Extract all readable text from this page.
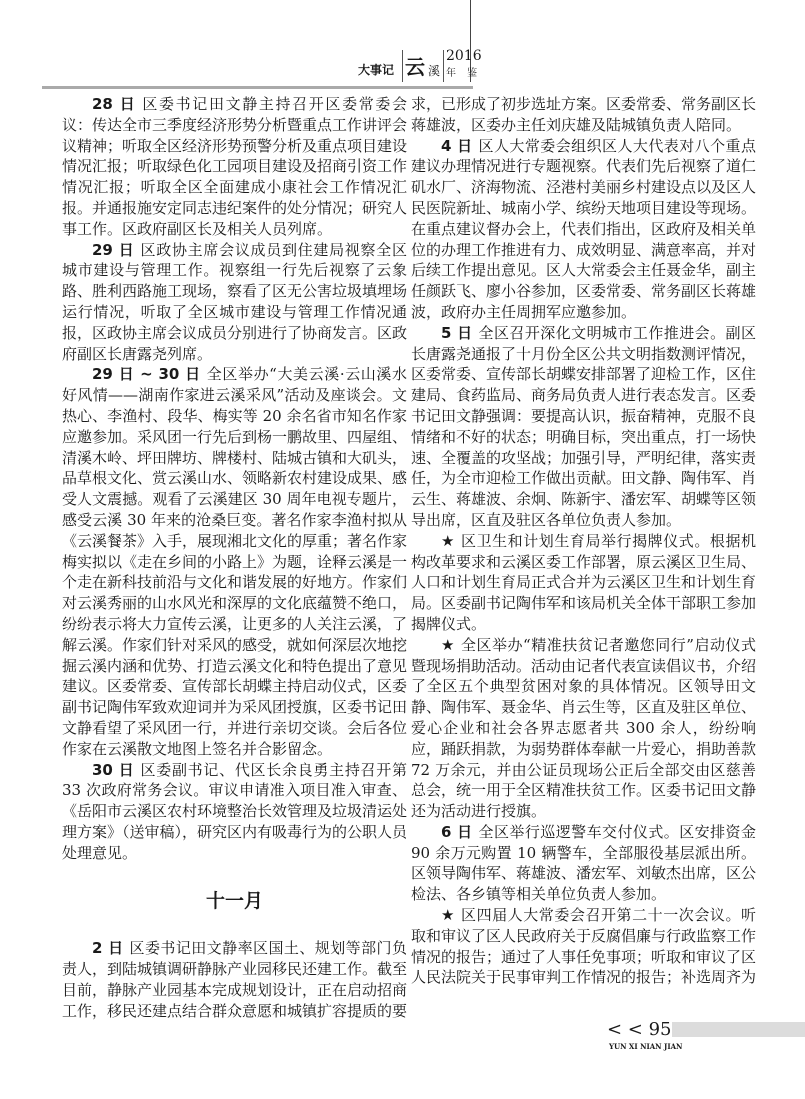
大事记 云 溪
2016
年 鉴

28 日 区委书记田文静主持召开区委常委会议：传达全市三季度经济形势分析暨重点工作讲评会议精神；听取全区经济形势预警分析及重点项目建设情况汇报；听取绿色化工园项目建设及招商引资工作情况汇报；听取全区全面建成小康社会工作情况汇报。并通报施安定同志违纪案件的处分情况；研究人事工作。区政府副区长及相关人员列席。

29 日 区政协主席会议成员到住建局视察全区城市建设与管理工作。视察组一行先后视察了云象路、胜利西路施工现场，察看了区无公害垃圾填埋场运行情况，听取了全区城市建设与管理工作情况通报，区政协主席会议成员分别进行了协商发言。区政府副区长唐露尧列席。

29 日 ~ 30 日 全区举办“大美云溪·云山溪水好风情——湖南作家进云溪采风”活动及座谈会。文热心、李渔村、段华、梅实等 20 余名省市知名作家应邀参加。采风团一行先后到杨一鹏故里、四屋组、清溪木岭、坪田牌坊、牌楼村、陆城古镇和大矶头，品草根文化、赏云溪山水、领略新农村建设成果、感受人文震撼。观看了云溪建区 30 周年电视专题片，感受云溪 30 年来的沧桑巨变。著名作家李渔村拟从《云溪餐茶》入手，展现湘北文化的厚重；著名作家梅实拟以《走在乡间的小路上》为题，诠释云溪是一个走在新科技前沿与文化和谐发展的好地方。作家们对云溪秀丽的山水风光和深厚的文化底蕴赞不绝口，纷纷表示将大力宣传云溪，让更多的人关注云溪，了解云溪。作家们针对采风的感受，就如何深层次地挖掘云溪内涵和优势、打造云溪文化和特色提出了意见建议。区委常委、宣传部长胡蝶主持启动仪式，区委副书记陶伟军致欢迎词并为采风团授旗，区委书记田文静看望了采风团一行，并进行亲切交谈。会后各位作家在云溪散文地图上签名并合影留念。

30 日 区委副书记、代区长余良勇主持召开第 33 次政府常务会议。审议申请准入项目准入审查、《岳阳市云溪区农村环境整治长效管理及垃圾清运处理方案》（送审稿），研究区内有吸毒行为的公职人员处理意见。

十一月

2 日 区委书记田文静率区国土、规划等部门负责人，到陆城镇调研静脉产业园移民还建工作。截至目前，静脉产业园基本完成规划设计，正在启动招商工作，移民还建点结合群众意愿和城镇扩容提质的要

求，已形成了初步选址方案。区委常委、常务副区长蒋雄波，区委办主任刘庆雄及陆城镇负责人陪同。

4 日 区人大常委会组织区人大代表对八个重点建议办理情况进行专题视察。代表们先后视察了道仁矶水厂、济海物流、泾港村美丽乡村建设点以及区人民医院新址、城南小学、缤纷天地项目建设等现场。在重点建议督办会上，代表们指出，区政府及相关单位的办理工作推进有力、成效明显、满意率高，并对后续工作提出意见。区人大常委会主任聂金华，副主任颜跃飞、廖小谷参加，区委常委、常务副区长蒋雄波，政府办主任周拥军应邀参加。

5 日 全区召开深化文明城市工作推进会。副区长唐露尧通报了十月份全区公共文明指数测评情况，区委常委、宣传部长胡蝶安排部署了迎检工作，区住建局、食药监局、商务局负责人进行表态发言。区委书记田文静强调：要提高认识，振奋精神，克服不良情绪和不好的状态；明确目标，突出重点，打一场快速、全覆盖的攻坚战；加强引导，严明纪律，落实责任，为全市迎检工作做出贡献。田文静、陶伟军、肖云生、蒋雄波、余炯、陈新宇、潘宏军、胡蝶等区领导出席，区直及驻区各单位负责人参加。

★ 区卫生和计划生育局举行揭牌仪式。根据机构改革要求和云溪区委工作部署，原云溪区卫生局、人口和计划生育局正式合并为云溪区卫生和计划生育局。区委副书记陶伟军和该局机关全体干部职工参加揭牌仪式。

★ 全区举办“精准扶贫记者邀您同行”启动仪式暨现场捐助活动。活动由记者代表宣读倡议书，介绍了全区五个典型贫困对象的具体情况。区领导田文静、陶伟军、聂金华、肖云生等，区直及驻区单位、爱心企业和社会各界志愿者共 300 余人，纷纷响应，踊跃捐款，为弱势群体奉献一片爱心，捐助善款 72 万余元，并由公证员现场公正后全部交由区慈善总会，统一用于全区精准扶贫工作。区委书记田文静还为活动进行授旗。

6 日 全区举行巡逻警车交付仪式。区安排资金 90 余万元购置 10 辆警车，全部服役基层派出所。区领导陶伟军、蒋雄波、潘宏军、刘敏杰出席，区公检法、各乡镇等相关单位负责人参加。

★ 区四届人大常委会召开第二十一次会议。听取和审议了区人民政府关于反腐倡廉与行政监察工作情况的报告；通过了人事任免事项；听取和审议了区人民法院关于民事审判工作情况的报告；补选周齐为

< < 95
YUN XI NIAN JIAN
